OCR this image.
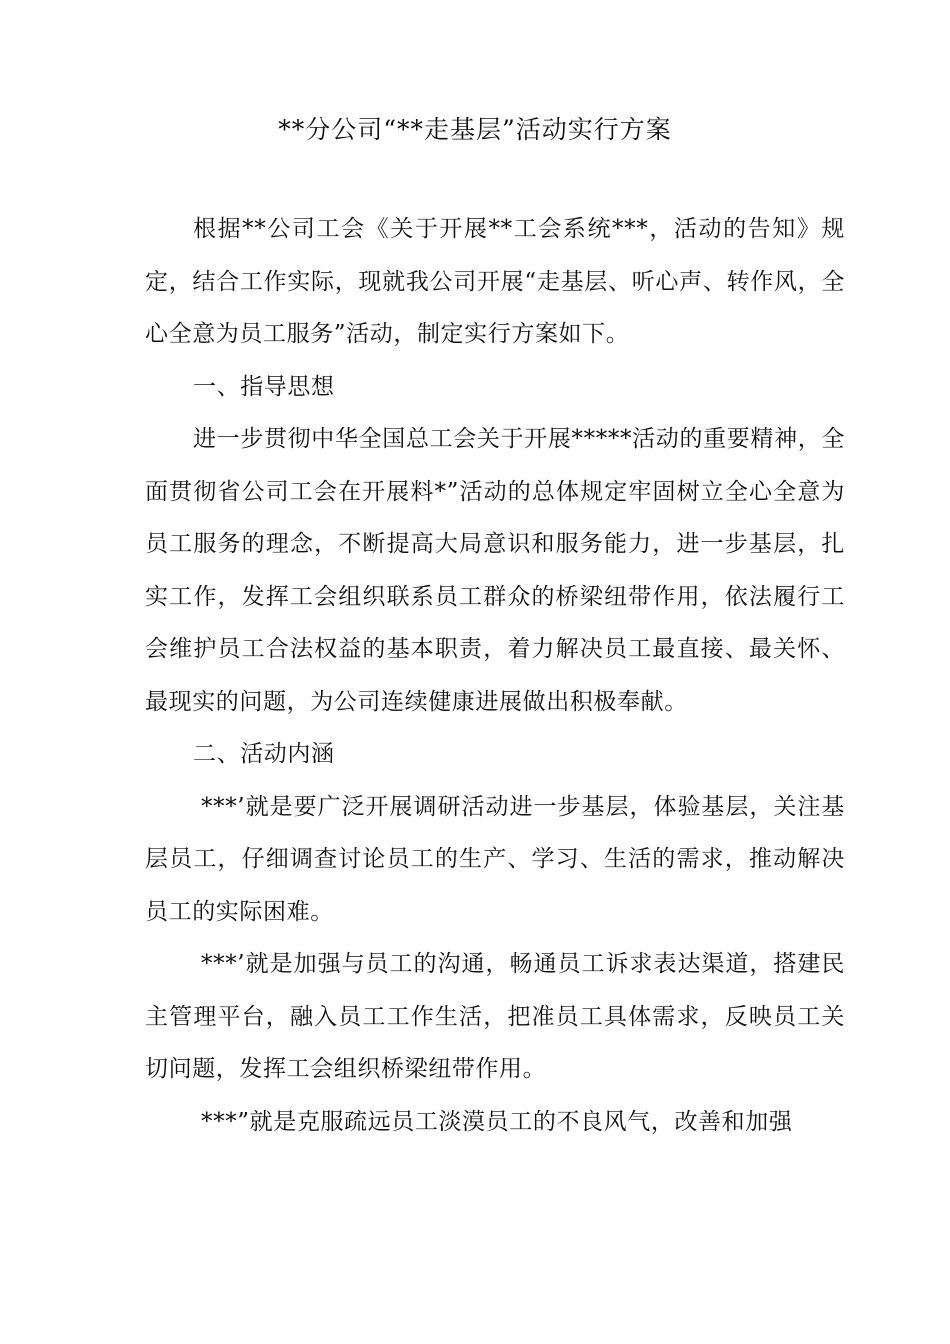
**分公司“**走基层”活动实行方案

根据**公司工会《关于开展**工会系统***，活动的告知》规定，结合工作实际，现就我公司开展“走基层、听心声、转作风，全心全意为员工服务”活动，制定实行方案如下。

一、指导思想

进一步贯彻中华全国总工会关于开展*****活动的重要精神，全面贯彻省公司工会在开展料*”活动的总体规定牢固树立全心全意为员工服务的理念，不断提高大局意识和服务能力，进一步基层，扎实工作，发挥工会组织联系员工群众的桥梁纽带作用，依法履行工会维护员工合法权益的基本职责，着力解决员工最直接、最关怀、最现实的问题，为公司连续健康进展做出积极奉献。

二、活动内涵

***’就是要广泛开展调研活动进一步基层，体验基层，关注基层员工，仔细调查讨论员工的生产、学习、生活的需求，推动解决员工的实际困难。

***’就是加强与员工的沟通，畅通员工诉求表达渠道，搭建民主管理平台，融入员工工作生活，把准员工具体需求，反映员工关切问题，发挥工会组织桥梁纽带作用。

***”就是克服疏远员工淡漠员工的不良风气，改善和加强
